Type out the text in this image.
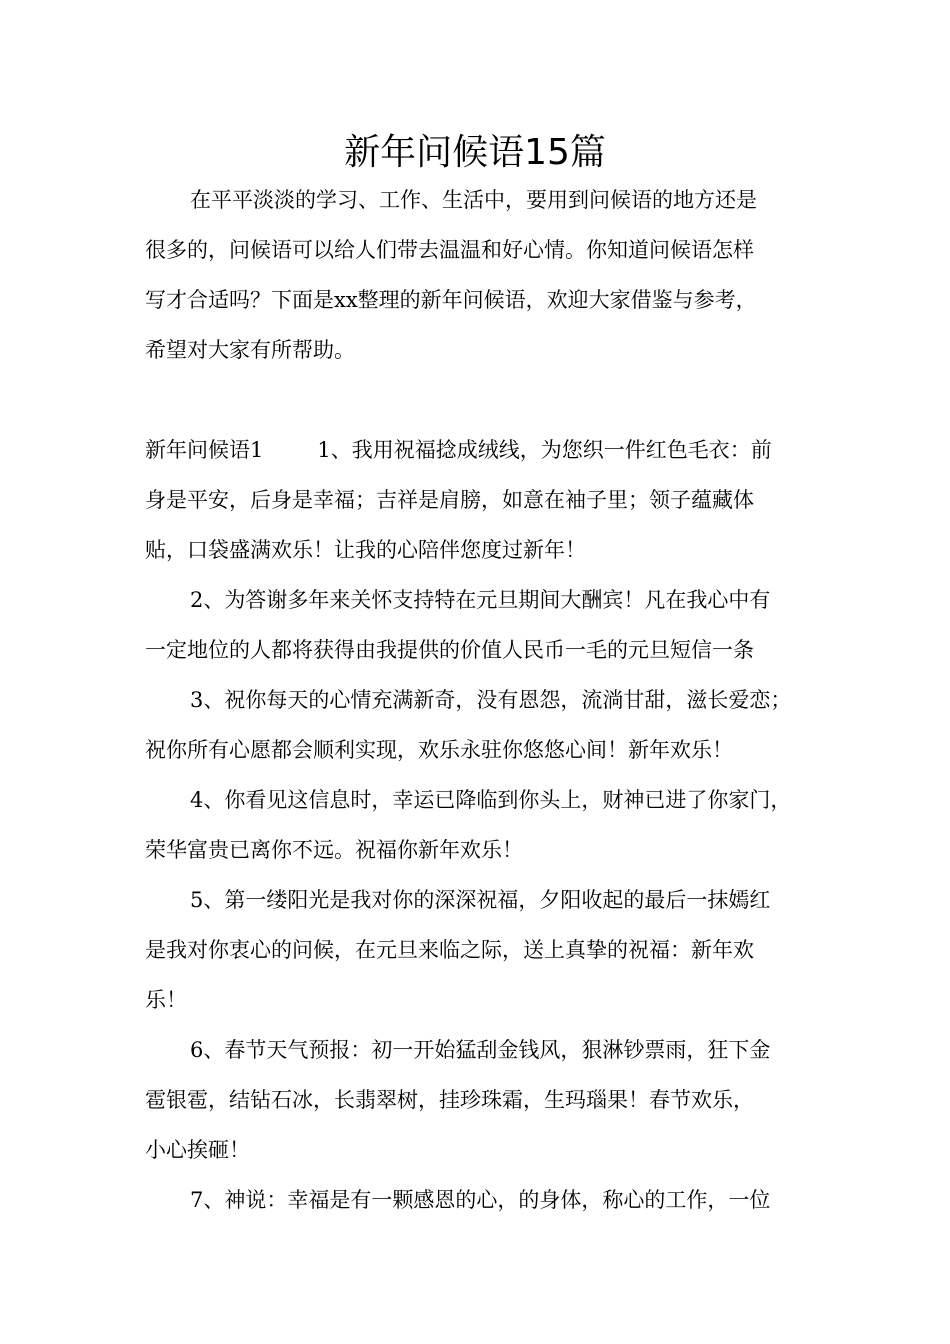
新年问候语15篇

在平平淡淡的学习、工作、生活中，要用到问候语的地方还是

很多的，问候语可以给人们带去温温和好心情。你知道问候语怎样

写才合适吗？下面是xx整理的新年问候语，欢迎大家借鉴与参考，

希望对大家有所帮助。

新年问候语1	1、我用祝福捻成绒线，为您织一件红色毛衣：前

身是平安，后身是幸福；吉祥是肩膀，如意在袖子里；领子蕴藏体

贴，口袋盛满欢乐！让我的心陪伴您度过新年！

2、为答谢多年来关怀支持特在元旦期间大酬宾！凡在我心中有

一定地位的人都将获得由我提供的价值人民币一毛的元旦短信一条

3、祝你每天的心情充满新奇，没有恩怨，流淌甘甜，滋长爱恋；

祝你所有心愿都会顺利实现，欢乐永驻你悠悠心间！新年欢乐！

4、你看见这信息时，幸运已降临到你头上，财神已进了你家门，

荣华富贵已离你不远。祝福你新年欢乐！

5、第一缕阳光是我对你的深深祝福，夕阳收起的最后一抹嫣红

是我对你衷心的问候，在元旦来临之际，送上真挚的祝福：新年欢

乐！

6、春节天气预报：初一开始猛刮金钱风，狠淋钞票雨，狂下金

雹银雹，结钻石冰，长翡翠树，挂珍珠霜，生玛瑙果！春节欢乐，

小心挨砸！

7、神说：幸福是有一颗感恩的心，的身体，称心的工作，一位
